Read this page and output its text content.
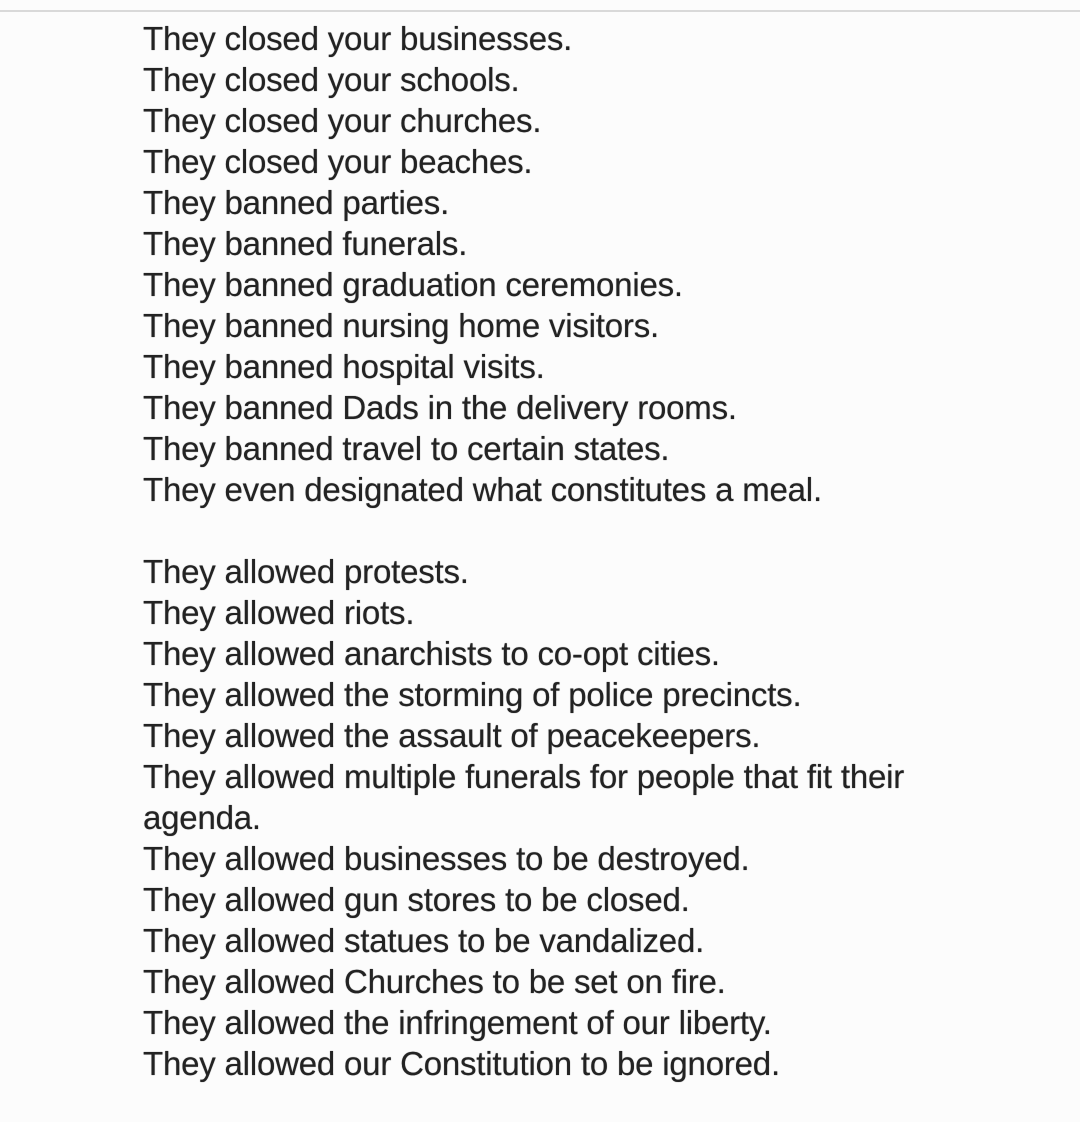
They closed your businesses.
They closed your schools.
They closed your churches.
They closed your beaches.
They banned parties.
They banned funerals.
They banned graduation ceremonies.
They banned nursing home visitors.
They banned hospital visits.
They banned Dads in the delivery rooms.
They banned travel to certain states.
They even designated what constitutes a meal.
They allowed protests.
They allowed riots.
They allowed anarchists to co-opt cities.
They allowed the storming of police precincts.
They allowed the assault of peacekeepers.
They allowed multiple funerals for people that fit their
agenda.
They allowed businesses to be destroyed.
They allowed gun stores to be closed.
They allowed statues to be vandalized.
They allowed Churches to be set on fire.
They allowed the infringement of our liberty.
They allowed our Constitution to be ignored.
